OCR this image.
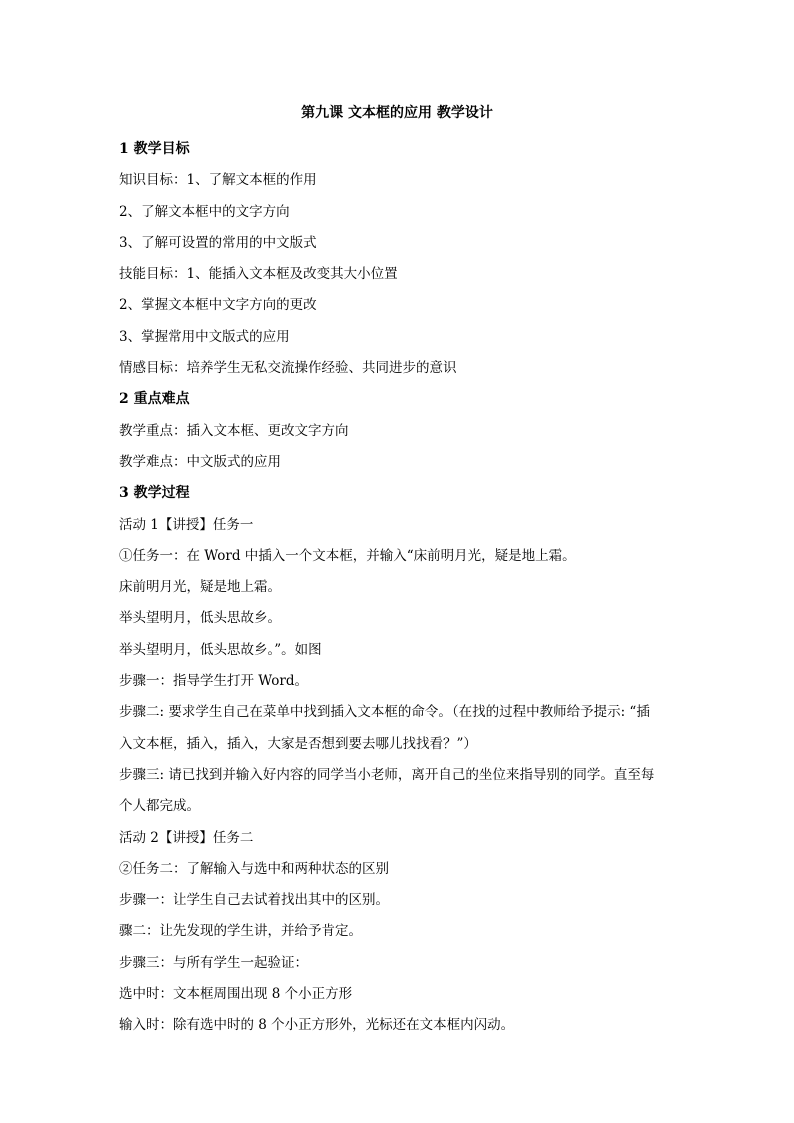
第九课 文本框的应用 教学设计
1 教学目标
知识目标：1、了解文本框的作用
2、了解文本框中的文字方向
3、了解可设置的常用的中文版式
技能目标：1、能插入文本框及改变其大小位置
2、掌握文本框中文字方向的更改
3、掌握常用中文版式的应用
情感目标：培养学生无私交流操作经验、共同进步的意识
2 重点难点
教学重点：插入文本框、更改文字方向
教学难点：中文版式的应用
3 教学过程
活动 1【讲授】任务一
①任务一：在 Word 中插入一个文本框，并输入“床前明月光，疑是地上霜。
床前明月光，疑是地上霜。
举头望明月，低头思故乡。
举头望明月，低头思故乡。”。如图
步骤一：指导学生打开 Word。
步骤二: 要求学生自己在菜单中找到插入文本框的命令。（在找的过程中教师给予提示: “插
入文本框，插入，插入，大家是否想到要去哪儿找找看？”）
步骤三: 请已找到并输入好内容的同学当小老师，离开自己的坐位来指导别的同学。直至每
个人都完成。
活动 2【讲授】任务二
②任务二：了解输入与选中和两种状态的区别
步骤一：让学生自己去试着找出其中的区别。
骤二：让先发现的学生讲，并给予肯定。
步骤三：与所有学生一起验证：
选中时：文本框周围出现 8 个小正方形
输入时：除有选中时的 8 个小正方形外，光标还在文本框内闪动。
